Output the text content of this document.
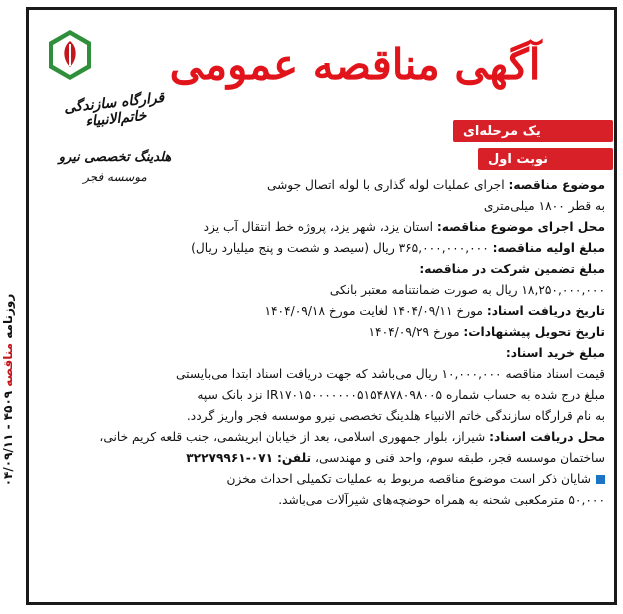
روزنامه مناقصه ۴۵۰۹ - ۰۴/۰۹/۱۱
آگهی مناقصه عمومی
قرارگاه سازندگی خاتم‌الانبیاء
هلدینگ تخصصی نیرو
موسسه فجر
یک مرحله‌ای
نوبت اول
موضوع مناقصه: اجرای عملیات لوله گذاری با لوله اتصال جوشی
به قطر ۱۸۰۰ میلی‌متری
محل اجرای موضوع مناقصه: استان یزد، شهر یزد، پروژه خط انتقال آب یزد
مبلغ اولیه مناقصه: ۳۶۵,۰۰۰,۰۰۰,۰۰۰ ریال (سیصد و شصت و پنج میلیارد ریال)
مبلغ تضمین شرکت در مناقصه:
۱۸,۲۵۰,۰۰۰,۰۰۰ ریال به صورت ضمانتنامه معتبر بانکی
تاریخ دریافت اسناد: مورخ ۱۴۰۴/۰۹/۱۱ لغایت مورخ ۱۴۰۴/۰۹/۱۸
تاریخ تحویل پیشنهادات: مورخ ۱۴۰۴/۰۹/۲۹
مبلغ خرید اسناد:
قیمت اسناد مناقصه ۱۰,۰۰۰,۰۰۰ ریال می‌باشد که جهت دریافت اسناد ابتدا می‌بایستی
مبلغ درج شده به حساب شماره IR۱۷۰۱۵۰۰۰۰۰۰۰۵۱۵۴۸۷۸۰۹۸۰۰۵ نزد بانک سپه
به نام قرارگاه سازندگی خاتم الانبیاء هلدینگ تخصصی نیرو موسسه فجر واریز گردد.
محل دریافت اسناد: شیراز، بلوار جمهوری اسلامی، بعد از خیابان ابریشمی، جنب قلعه کریم خانی،
ساختمان موسسه فجر، طبقه سوم، واحد فنی و مهندسی، تلفن: ۰۷۱-۳۲۲۷۹۹۶۱
شایان ذکر است موضوع مناقصه مربوط به عملیات تکمیلی احداث مخزن
۵۰,۰۰۰ مترمکعبی شحنه به همراه حوضچه‌های شیرآلات می‌باشد.
